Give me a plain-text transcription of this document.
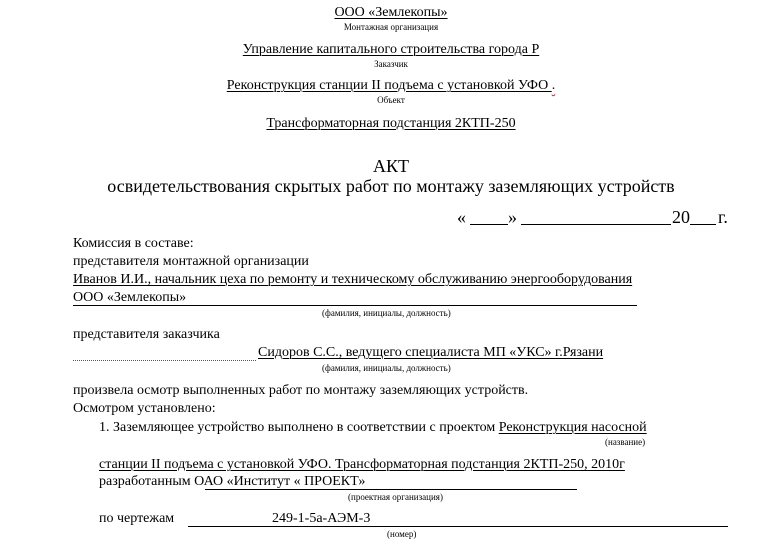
ООО «Землекопы»
Монтажная организация
Управление капитального строительства города Р
Заказчик
Реконструкция станции II подъема с установкой УФО .
Объект
Трансформаторная подстанция 2КТП-250
АКТ
освидетельствования скрытых работ по монтажу заземляющих устройств
« »	20 г.
Комиссия в составе:
представителя монтажной организации
Иванов И.И., начальник цеха по ремонту и техническому обслуживанию энергооборудования
ООО «Землекопы»
(фамилия, инициалы, должность)
представителя заказчика
Сидоров С.С., ведущего специалиста МП «УКС» г.Рязани
(фамилия, инициалы, должность)
произвела осмотр выполненных работ по монтажу заземляющих устройств.
Осмотром установлено:
1. Заземляющее устройство выполнено в соответствии с проектом Реконструкция насосной
(название)
станции II подъема с установкой УФО. Трансформаторная подстанция 2КТП-250, 2010г
разработанным ОАО «Институт « ПРОЕКТ»
(проектная организация)
по чертежам	249-1-5а-АЭМ-3
(номер)
